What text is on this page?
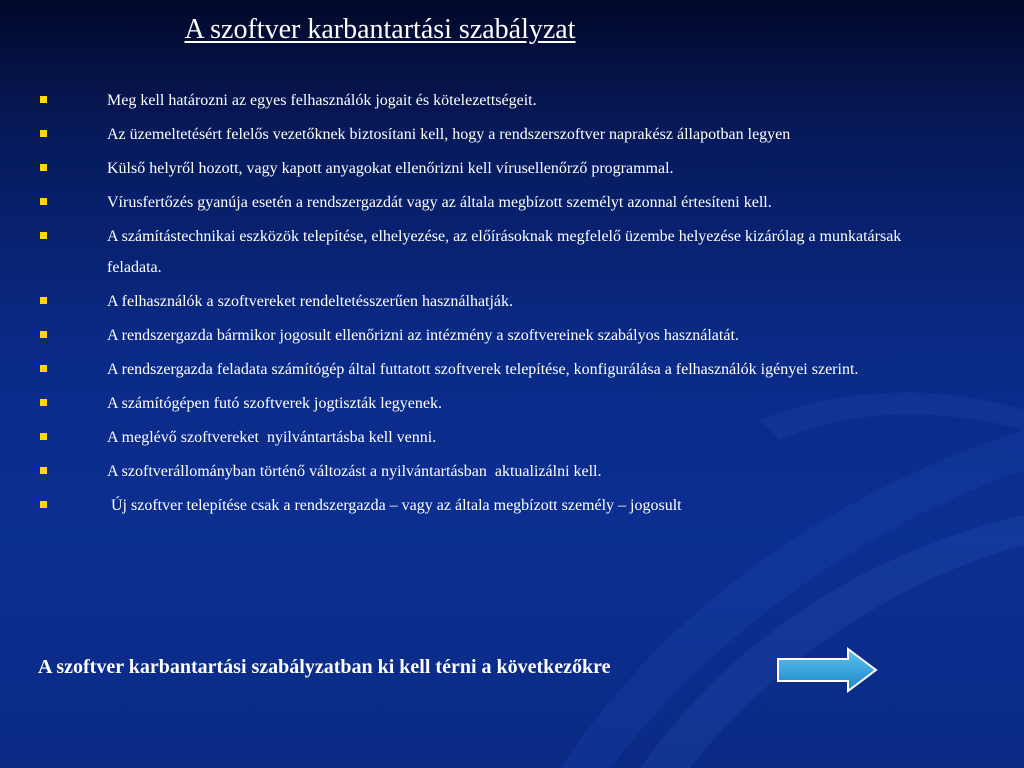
A szoftver karbantartási szabályzat
Meg kell határozni az egyes felhasználók jogait és kötelezettségeit.
Az üzemeltetésért felelős vezetőknek biztosítani kell, hogy a rendszerszoftver naprakész állapotban legyen
Külső helyről hozott, vagy kapott anyagokat ellenőrizni kell vírusellenőrző programmal.
Vírusfertőzés gyanúja esetén a rendszergazdát vagy az általa megbízott személyt azonnal értesíteni kell.
A számítástechnikai eszközök telepítése, elhelyezése, az előírásoknak megfelelő üzembe helyezése kizárólag a munkatársak feladata.
A felhasználók a szoftvereket rendeltetésszerűen használhatják.
A rendszergazda bármikor jogosult ellenőrizni az intézmény a szoftvereinek szabályos használatát.
A rendszergazda feladata számítógép által futtatott szoftverek telepítése, konfigurálása a felhasználók igényei szerint.
A számítógépen futó szoftverek jogtiszták legyenek.
A meglévő szoftvereket  nyilvántartásba kell venni.
A szoftverállományban történő változást a nyilvántartásban  aktualizálni kell.
Új szoftver telepítése csak a rendszergazda – vagy az általa megbízott személy – jogosult

A szoftver karbantartási szabályzatban ki kell térni a következőkre
